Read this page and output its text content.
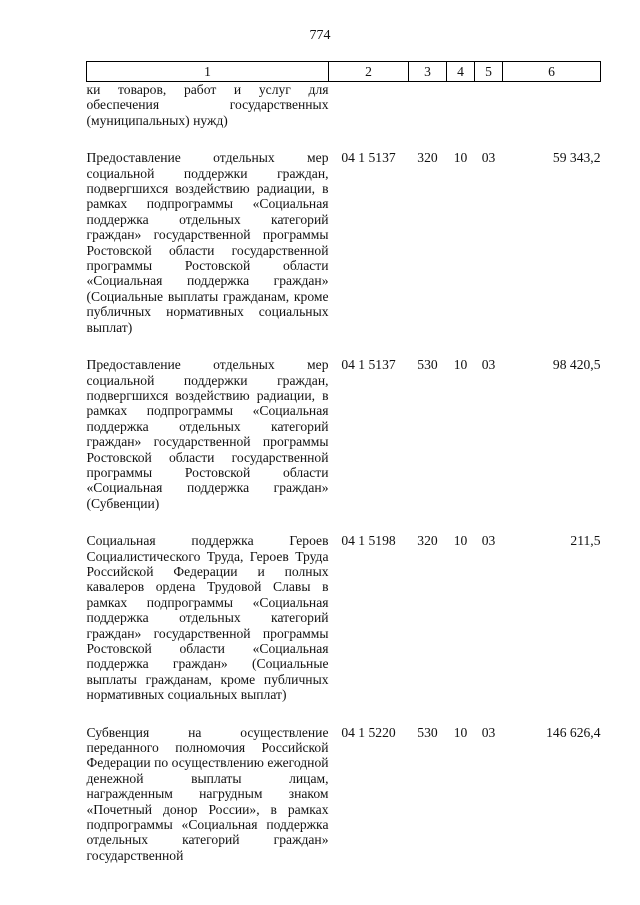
774
1	2	3	4	5	6
ки товаров, работ и услуг для обеспечения государственных (муниципальных) нужд)					

Предоставление отдельных мер социальной поддержки граждан, подвергшихся воздействию радиации, в рамках подпрограммы «Социальная поддержка отдельных категорий граждан» государственной программы Ростовской области государственной программы Ростовской области «Социальная поддержка граждан» (Социальные выплаты гражданам, кроме публичных нормативных социальных выплат)	04 1 5137	320	10	03	59 343,2

Предоставление отдельных мер социальной поддержки граждан, подвергшихся воздействию радиации, в рамках подпрограммы «Социальная поддержка отдельных категорий граждан» государственной программы Ростовской области государственной программы Ростовской области «Социальная поддержка граждан» (Субвенции)	04 1 5137	530	10	03	98 420,5

Социальная поддержка Героев Социалистического Труда, Героев Труда Российской Федерации и полных кавалеров ордена Трудовой Славы в рамках подпрограммы «Социальная поддержка отдельных категорий граждан» государственной программы Ростовской области «Социальная поддержка граждан» (Социальные выплаты гражданам, кроме публичных нормативных социальных выплат)	04 1 5198	320	10	03	211,5

Субвенция на осуществление переданного полномочия Российской Федерации по осуществлению ежегодной денежной выплаты лицам, награжденным нагрудным знаком «Почетный донор России», в рамках подпрограммы «Социальная поддержка отдельных категорий граждан» государственной	04 1 5220	530	10	03	146 626,4
